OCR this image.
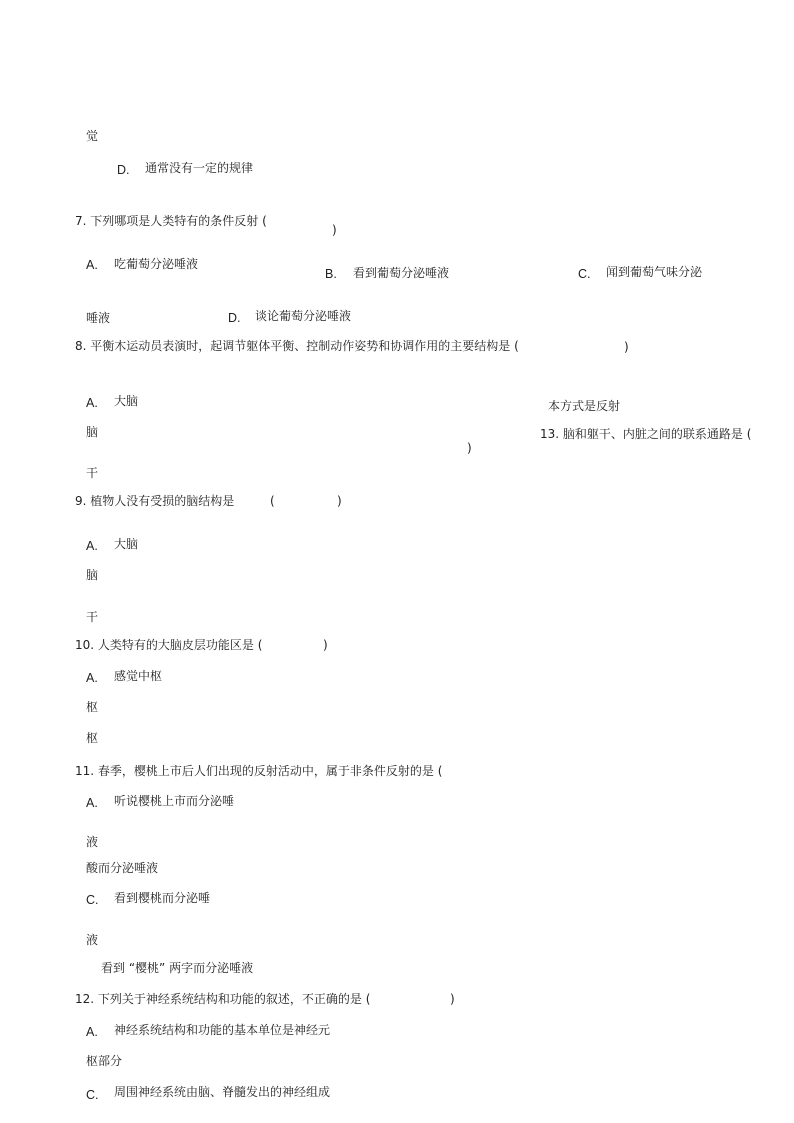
觉
D. 通常没有一定的规律
7. 下列哪项是人类特有的条件反射 (
)
A. 吃葡萄分泌唾液
B. 看到葡萄分泌唾液	C. 闻到葡萄气味分泌
唾液	D. 谈论葡萄分泌唾液
8. 平衡木运动员表演时，起调节躯体平衡、控制动作姿势和协调作用的主要结构是 (	)
A. 大脑	本方式是反射
脑	13. 脑和躯干、内脏之间的联系通路是 (
)
干
9. 植物人没有受损的脑结构是	(	)
A. 大脑
脑
干
10. 人类特有的大脑皮层功能区是 (	)
A. 感觉中枢
枢
枢
11. 春季，樱桃上市后人们出现的反射活动中，属于非条件反射的是 (
A. 听说樱桃上市而分泌唾
液
酸而分泌唾液
C. 看到樱桃而分泌唾
液
看到 “樱桃” 两字而分泌唾液
12. 下列关于神经系统结构和功能的叙述，不正确的是 (	)
A. 神经系统结构和功能的基本单位是神经元
枢部分
C. 周围神经系统由脑、脊髓发出的神经组成
